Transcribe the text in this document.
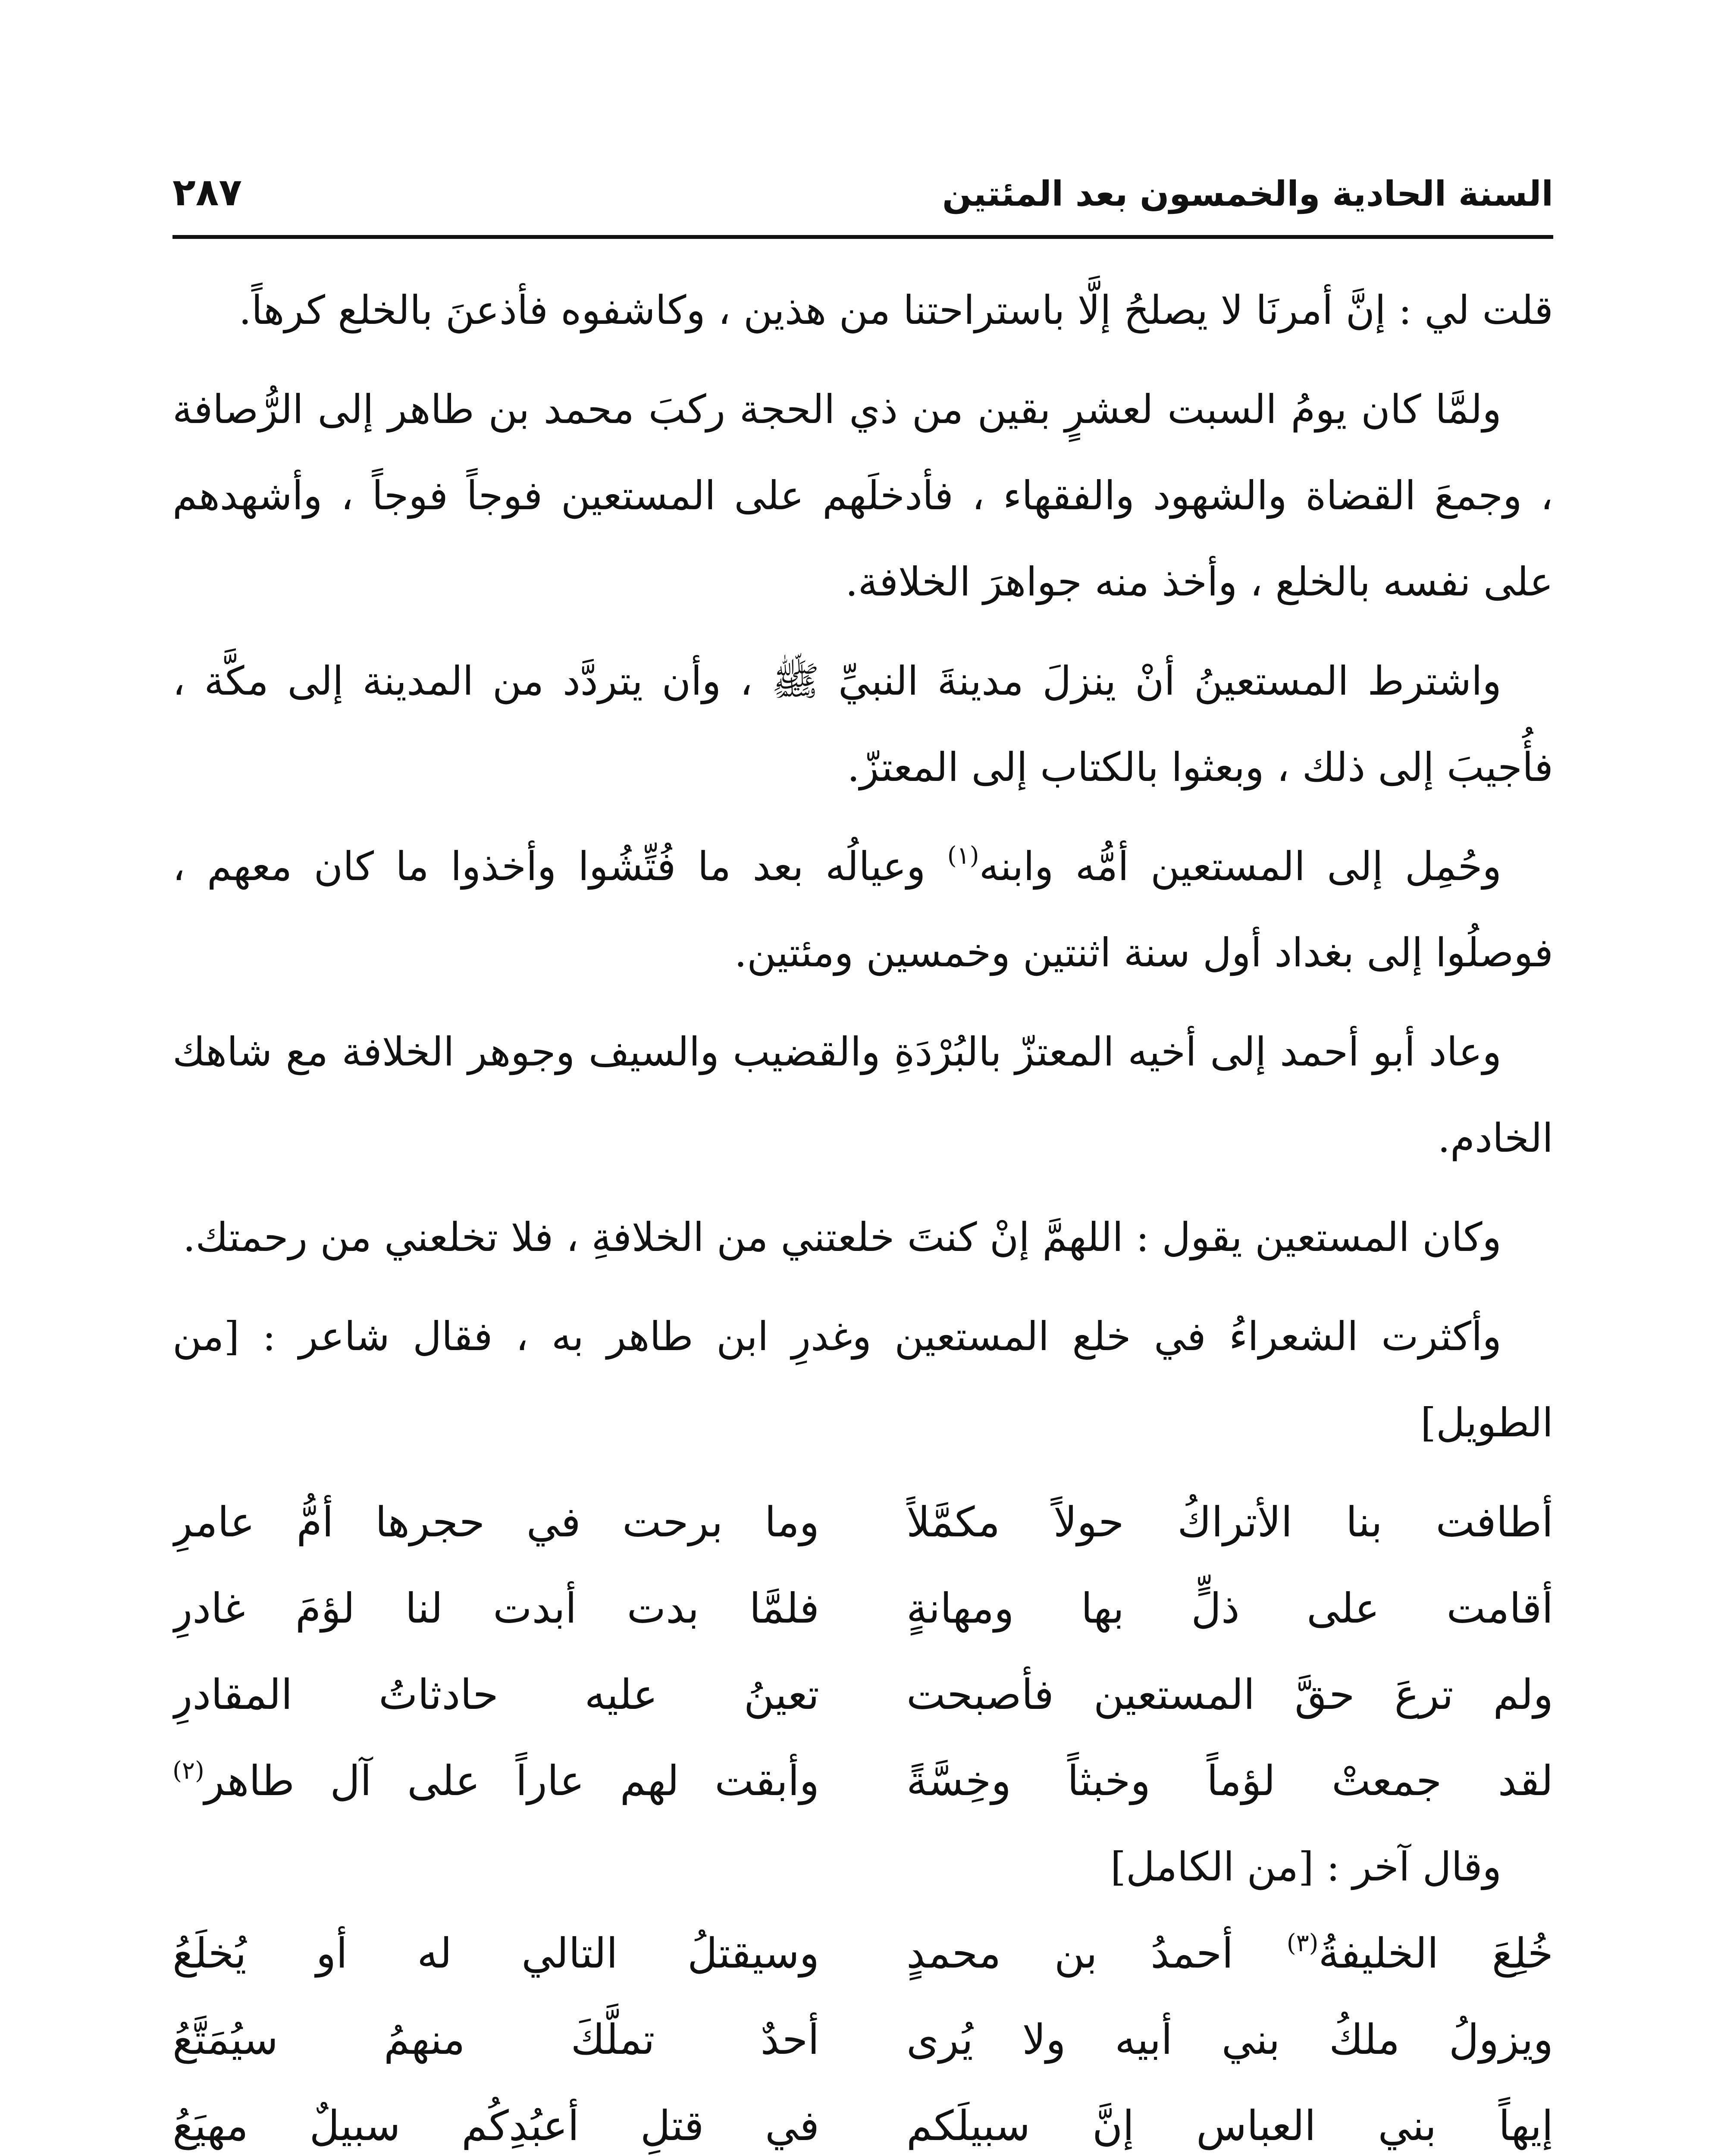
السنة الحادية والخمسون بعد المئتين
٢٨٧

قلت لي : إنَّ أمرنَا لا يصلحُ إلَّا باستراحتنا من هذين ، وكاشفوه فأذعنَ بالخلع كرهاً.

ولمَّا كان يومُ السبت لعشرٍ بقين من ذي الحجة ركبَ محمد بن طاهر إلى الرُّصافة ، وجمعَ القضاة والشهود والفقهاء ، فأدخلَهم على المستعين فوجاً فوجاً ، وأشهدهم على نفسه بالخلع ، وأخذ منه جواهرَ الخلافة.

واشترط المستعينُ أنْ ينزلَ مدينةَ النبيِّ ﷺ ، وأن يتردَّد من المدينة إلى مكَّة ، فأُجيبَ إلى ذلك ، وبعثوا بالكتاب إلى المعتزّ.

وحُمِل إلى المستعين أمُّه وابنه$^{(١)}$ وعيالُه بعد ما فُتِّشُوا وأخذوا ما كان معهم ، فوصلُوا إلى بغداد أول سنة اثنتين وخمسين ومئتين.

وعاد أبو أحمد إلى أخيه المعتزّ بالبُرْدَةِ والقضيب والسيف وجوهر الخلافة مع شاهك الخادم.

وكان المستعين يقول : اللهمَّ إنْ كنتَ خلعتني من الخلافةِ ، فلا تخلعني من رحمتك.

وأكثرت الشعراءُ في خلع المستعين وغدرِ ابن طاهر به ، فقال شاعر : [من الطويل]

أطافت بنا الأتراكُ حولاً مكمَّلاً
وما برحت في حجرها أمُّ عامرِ
أقامت على ذلٍّ بها ومهانةٍ
فلمَّا بدت أبدت لنا لؤمَ غادرِ
ولم ترعَ حقَّ المستعين فأصبحت
تعينُ عليه حادثاتُ المقادرِ
لقد جمعتْ لؤماً وخبثاً وخِسَّةً
وأبقت لهم عاراً على آل طاهر$^{(٢)}$

وقال آخر : [من الكامل]

خُلِعَ الخليفةُ$^{(٣)}$ أحمدُ بن محمدٍ
وسيقتلُ التالي له أو يُخلَعُ
ويزولُ ملكُ بني أبيه ولا يُرى
أحدٌ تملَّكَ منهمُ سيُمَتَّعُ
إيهاً بني العباس إنَّ سبيلَكم
في قتلِ أعبُدِكُم سبيلٌ مهيَعُ
